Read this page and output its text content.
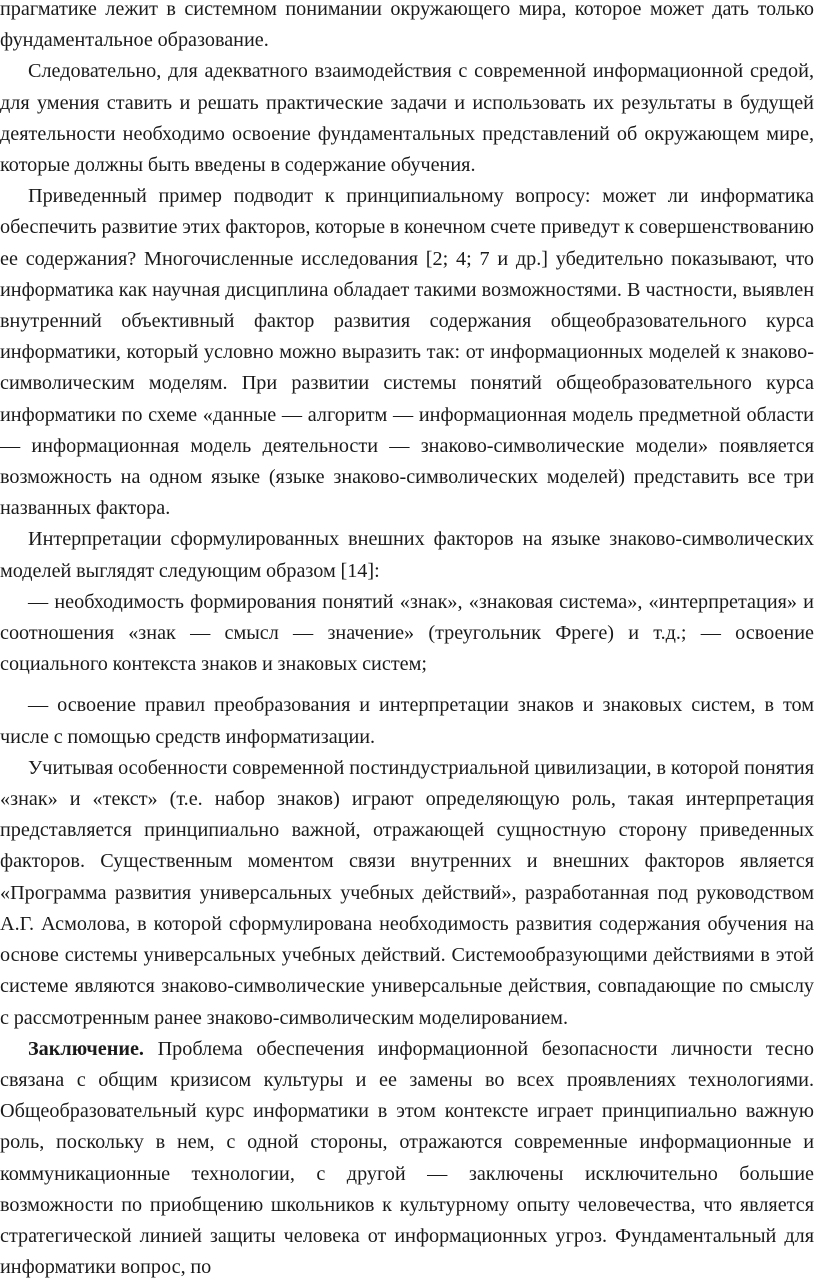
прагматике лежит в системном понимании окружающего мира, которое может дать только фундаментальное образование.

Следовательно, для адекватного взаимодействия с современной информационной средой, для умения ставить и решать практические задачи и использовать их результаты в будущей деятельности необходимо освоение фундаментальных представлений об окружающем мире, которые должны быть введены в содержание обучения.

Приведенный пример подводит к принципиальному вопросу: может ли информатика обеспечить развитие этих факторов, которые в конечном счете приведут к совершенствованию ее содержания? Многочисленные исследования [2; 4; 7 и др.] убедительно показывают, что информатика как научная дисциплина обладает такими возможностями. В частности, выявлен внутренний объективный фактор развития содержания общеобразовательного курса информатики, который условно можно выразить так: от информационных моделей к знаково-символическим моделям. При развитии системы понятий общеобразовательного курса информатики по схеме «данные — алгоритм — информационная модель предметной области — информационная модель деятельности — знаково-символические модели» появляется возможность на одном языке (языке знаково-символических моделей) представить все три названных фактора.

Интерпретации сформулированных внешних факторов на языке знаково-символических моделей выглядят следующим образом [14]:

— необходимость формирования понятий «знак», «знаковая система», «интерпретация» и соотношения «знак — смысл — значение» (треугольник Фреге) и т.д.; — освоение социального контекста знаков и знаковых систем;

— освоение правил преобразования и интерпретации знаков и знаковых систем, в том числе с помощью средств информатизации.

Учитывая особенности современной постиндустриальной цивилизации, в которой понятия «знак» и «текст» (т.е. набор знаков) играют определяющую роль, такая интерпретация представляется принципиально важной, отражающей сущностную сторону приведенных факторов. Существенным моментом связи внутренних и внешних факторов является «Программа развития универсальных учебных действий», разработанная под руководством А.Г. Асмолова, в которой сформулирована необходимость развития содержания обучения на основе системы универсальных учебных действий. Системообразующими действиями в этой системе являются знаково-символические универсальные действия, совпадающие по смыслу с рассмотренным ранее знаково-символическим моделированием.

Заключение. Проблема обеспечения информационной безопасности личности тесно связана с общим кризисом культуры и ее замены во всех проявлениях технологиями. Общеобразовательный курс информатики в этом контексте играет принципиально важную роль, поскольку в нем, с одной стороны, отражаются современные информационные и коммуникационные технологии, с другой — заключены исключительно большие возможности по приобщению школьников к культурному опыту человечества, что является стратегической линией защиты человека от информационных угроз. Фундаментальный для информатики вопрос, по
